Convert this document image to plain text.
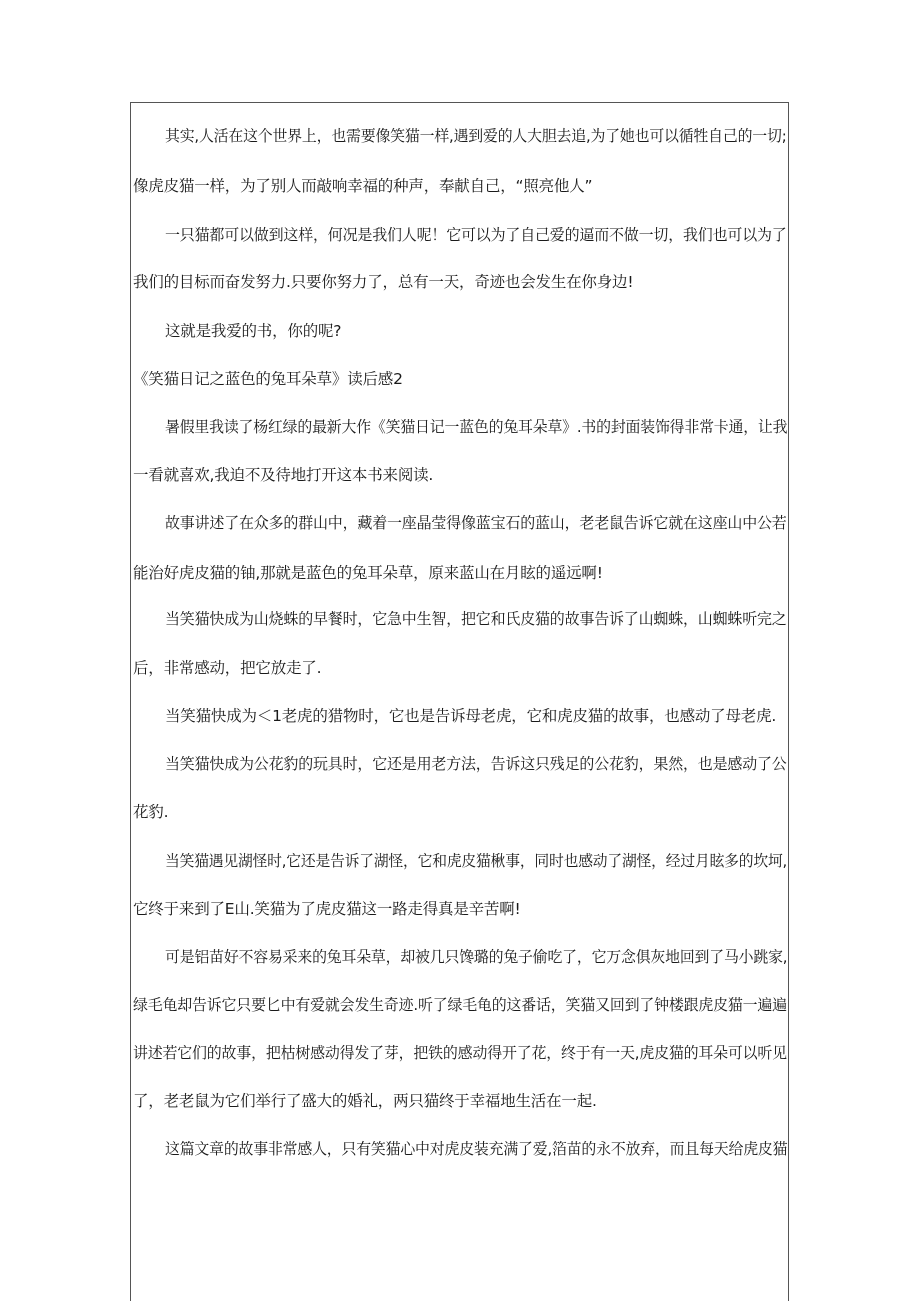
其实,人活在这个世界上，也需要像笑猫一样,遇到爱的人大胆去追,为了她也可以循牲自己的一切;
像虎皮猫一样，为了别人而敲响幸福的种声，奉献自己，“照亮他人”
一只猫都可以做到这样，何况是我们人呢！它可以为了自己爱的逼而不做一切，我们也可以为了
我们的目标而奋发努力.只要你努力了，总有一天，奇迹也会发生在你身边!
这就是我爱的书，你的呢?
《笑猫日记之蓝色的兔耳朵草》读后感2
暑假里我读了杨红绿的最新大作《笑猫日记一蓝色的兔耳朵草》.书的封面装饰得非常卡通，让我
一看就喜欢,我迫不及待地打开这本书来阅读.
故事讲述了在众多的群山中，藏着一座晶莹得像蓝宝石的蓝山，老老鼠告诉它就在这座山中公若
能治好虎皮猫的铀,那就是蓝色的兔耳朵草，原来蓝山在月眩的遥远啊!
当笑猫快成为山烧蛛的早餐时，它急中生智，把它和氏皮猫的故事告诉了山蜘蛛，山蜘蛛听完之
后，非常感动，把它放走了.
当笑猫快成为＜1老虎的猎物时，它也是告诉母老虎，它和虎皮猫的故事，也感动了母老虎.
当笑猫快成为公花豹的玩具时，它还是用老方法，告诉这只残足的公花豹，果然，也是感动了公
花豹.
当笑猫遇见湖怪时,它还是告诉了湖怪，它和虎皮猫楸事，同时也感动了湖怪，经过月眩多的坎坷,
它终于来到了E山.笑猫为了虎皮猫这一路走得真是辛苦啊!
可是铝苗好不容易采来的兔耳朵草，却被几只馋璐的兔子偷吃了，它万念俱灰地回到了马小跳家,
绿毛龟却告诉它只要匕中有爱就会发生奇迹.听了绿毛龟的这番话，笑猫又回到了钟楼跟虎皮猫一遍遍
讲述若它们的故事，把枯树感动得发了芽，把铁的感动得开了花，终于有一天,虎皮猫的耳朵可以听见
了，老老鼠为它们举行了盛大的婚礼，两只猫终于幸福地生活在一起.
这篇文章的故事非常感人，只有笑猫心中对虎皮装充满了爱,箔苗的永不放弃，而且每天给虎皮猫
